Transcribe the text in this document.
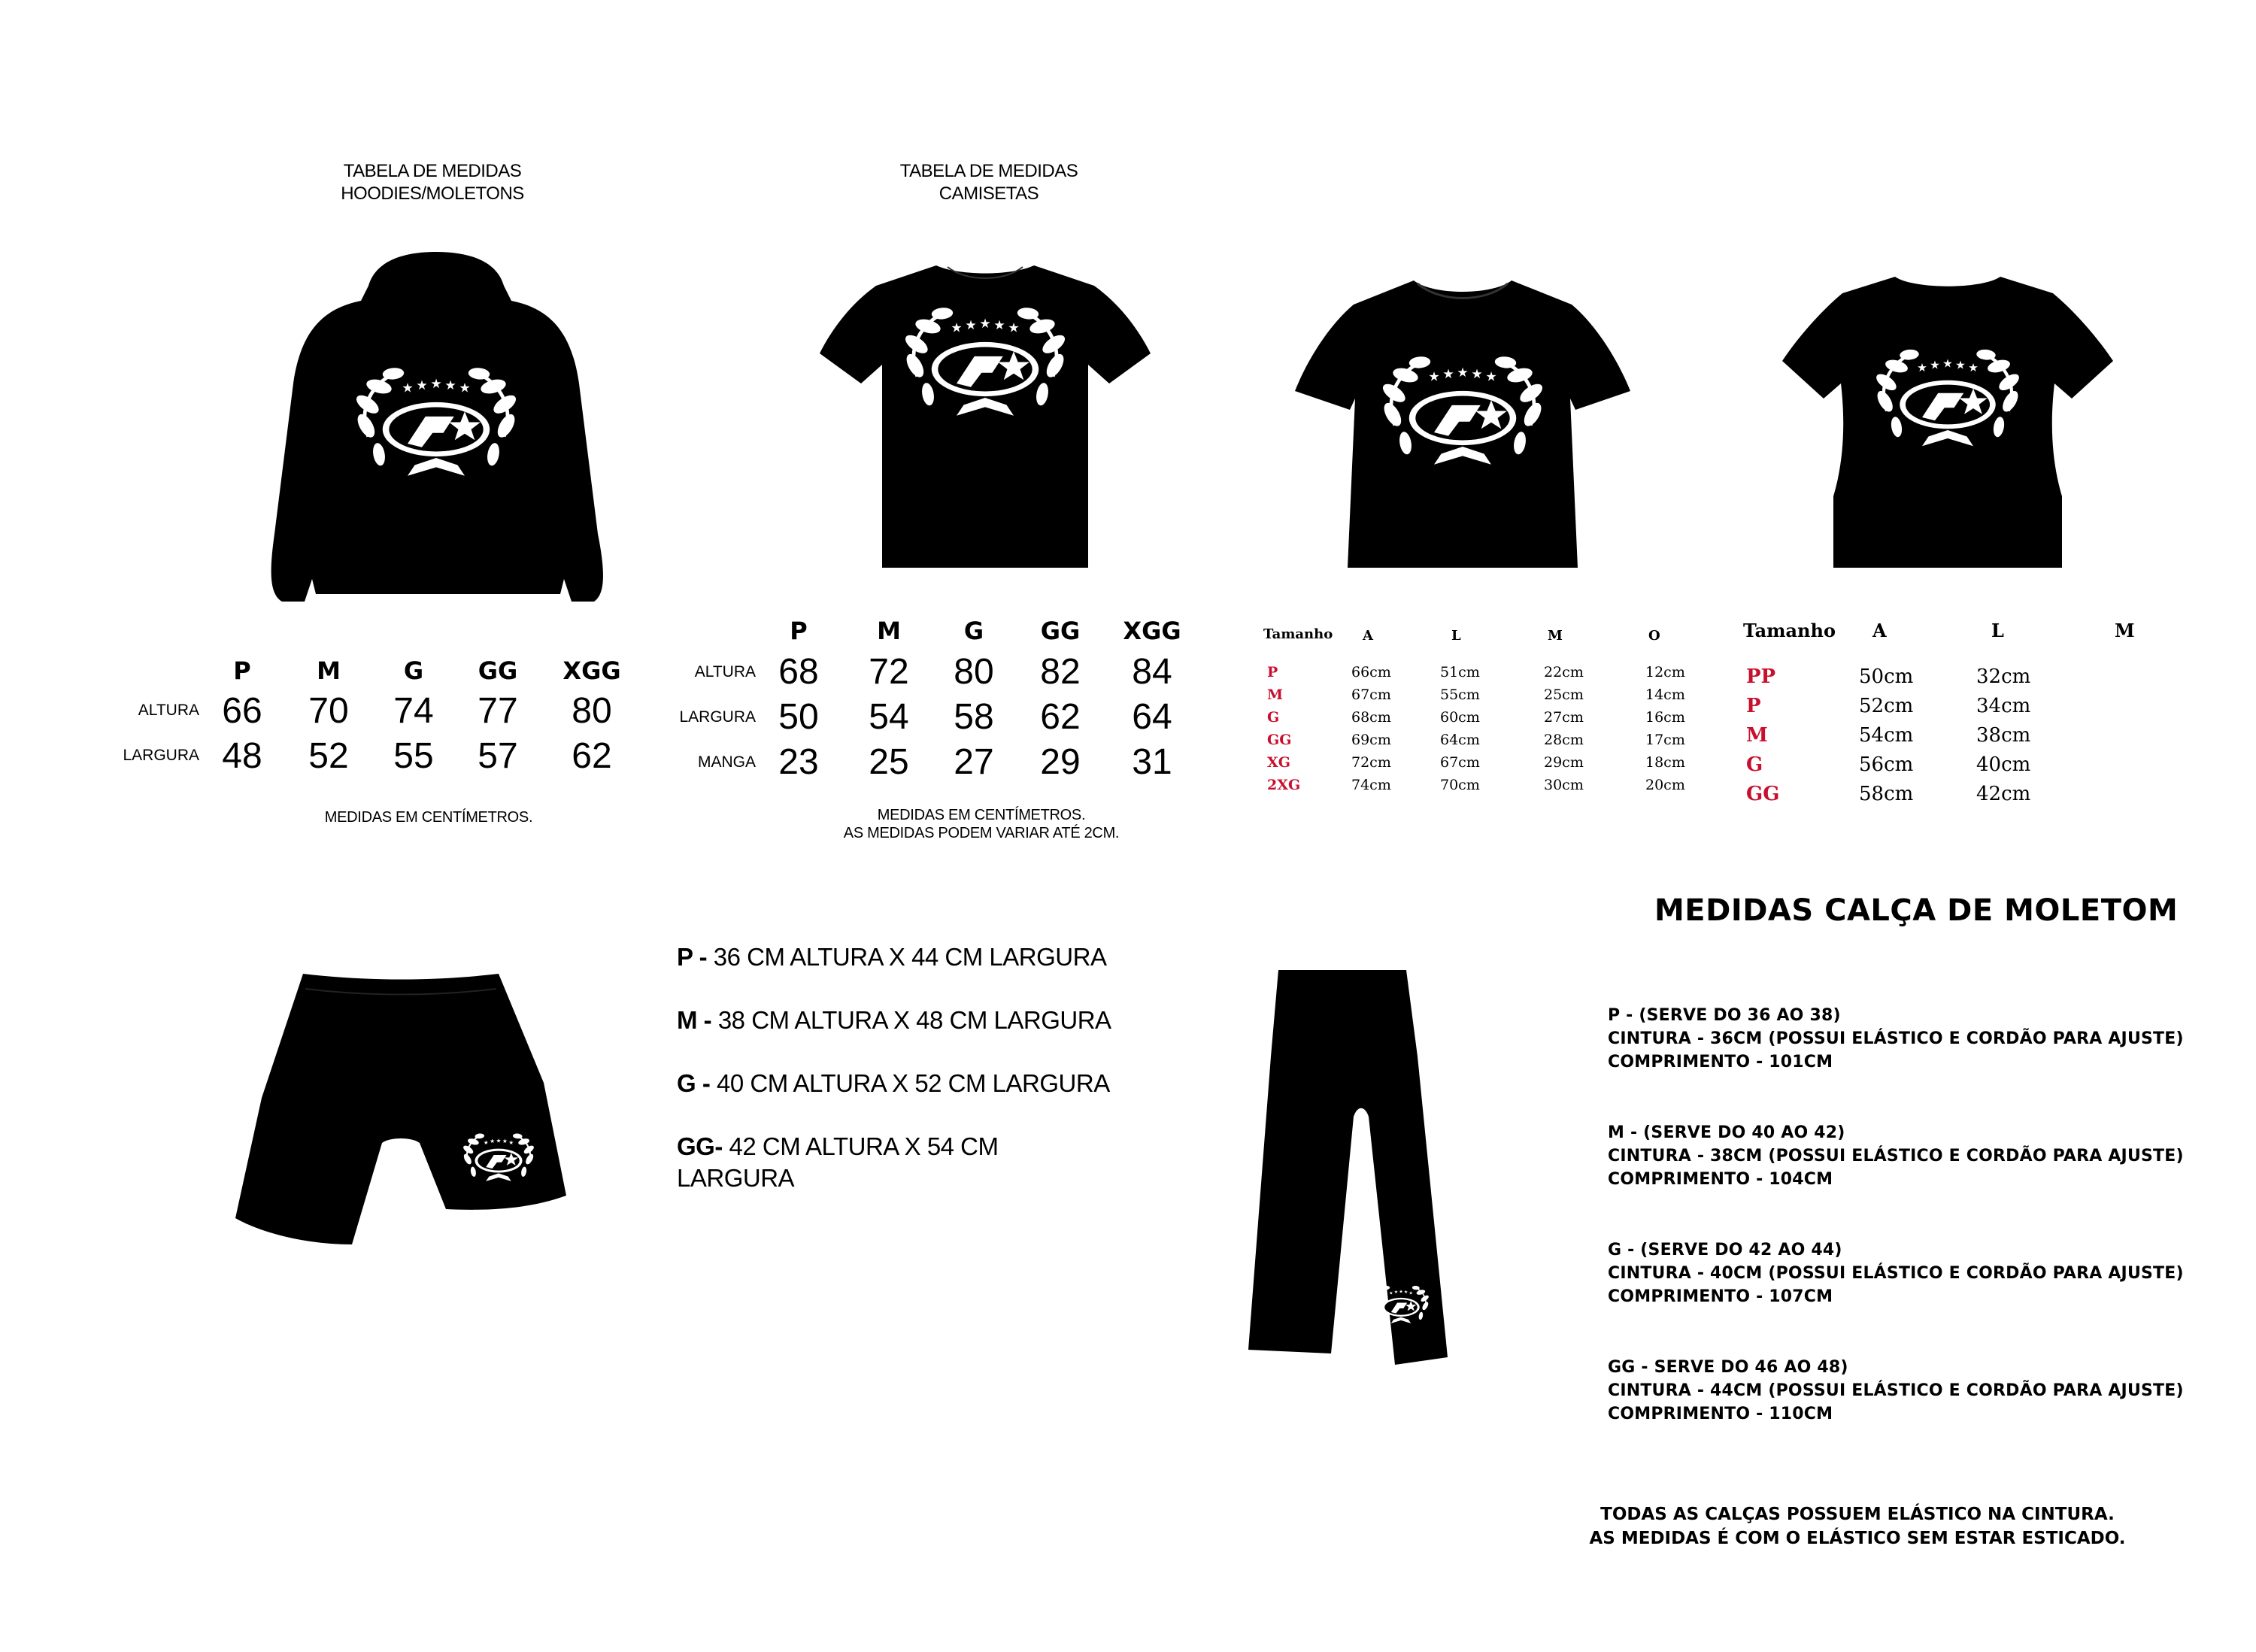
TABELA DE MEDIDAS
HOODIES/MOLETONS
P	M	G	GG	XGG
ALTURA 66	70	74	77	80
LARGURA 48	52	55	57	62
MEDIDAS EM CENTÍMETROS.
TABELA DE MEDIDAS
CAMISETAS
P	M	G	GG	XGG
ALTURA 68	72	80	82	84
LARGURA 50	54	58	62	64
MANGA 23	25	27	29	31
MEDIDAS EM CENTÍMETROS.
AS MEDIDAS PODEM VARIAR ATÉ 2CM.
Tamanho A	L	M	O
P	66cm	51cm	22cm	12cm
M	67cm	55cm	25cm	14cm
G	68cm	60cm	27cm	16cm
GG	69cm	64cm	28cm	17cm
XG	72cm	67cm	29cm	18cm
2XG	74cm	70cm	30cm	20cm
Tamanho A	L	M
PP	50cm	32cm
P	52cm	34cm
M	54cm	38cm
G	56cm	40cm
GG	58cm	42cm
P - 36 CM ALTURA X 44 CM LARGURA
M - 38 CM ALTURA X 48 CM LARGURA
G - 40 CM ALTURA X 52 CM LARGURA
GG- 42 CM ALTURA X 54 CM
LARGURA
MEDIDAS CALÇA DE MOLETOM
P - (SERVE DO 36 AO 38)
CINTURA - 36CM (POSSUI ELÁSTICO E CORDÃO PARA AJUSTE)
COMPRIMENTO - 101CM
M - (SERVE DO 40 AO 42)
CINTURA - 38CM (POSSUI ELÁSTICO E CORDÃO PARA AJUSTE)
COMPRIMENTO - 104CM
G - (SERVE DO 42 AO 44)
CINTURA - 40CM (POSSUI ELÁSTICO E CORDÃO PARA AJUSTE)
COMPRIMENTO - 107CM
GG - SERVE DO 46 AO 48)
CINTURA - 44CM (POSSUI ELÁSTICO E CORDÃO PARA AJUSTE)
COMPRIMENTO - 110CM
TODAS AS CALÇAS POSSUEM ELÁSTICO NA CINTURA.
AS MEDIDAS É COM O ELÁSTICO SEM ESTAR ESTICADO.
